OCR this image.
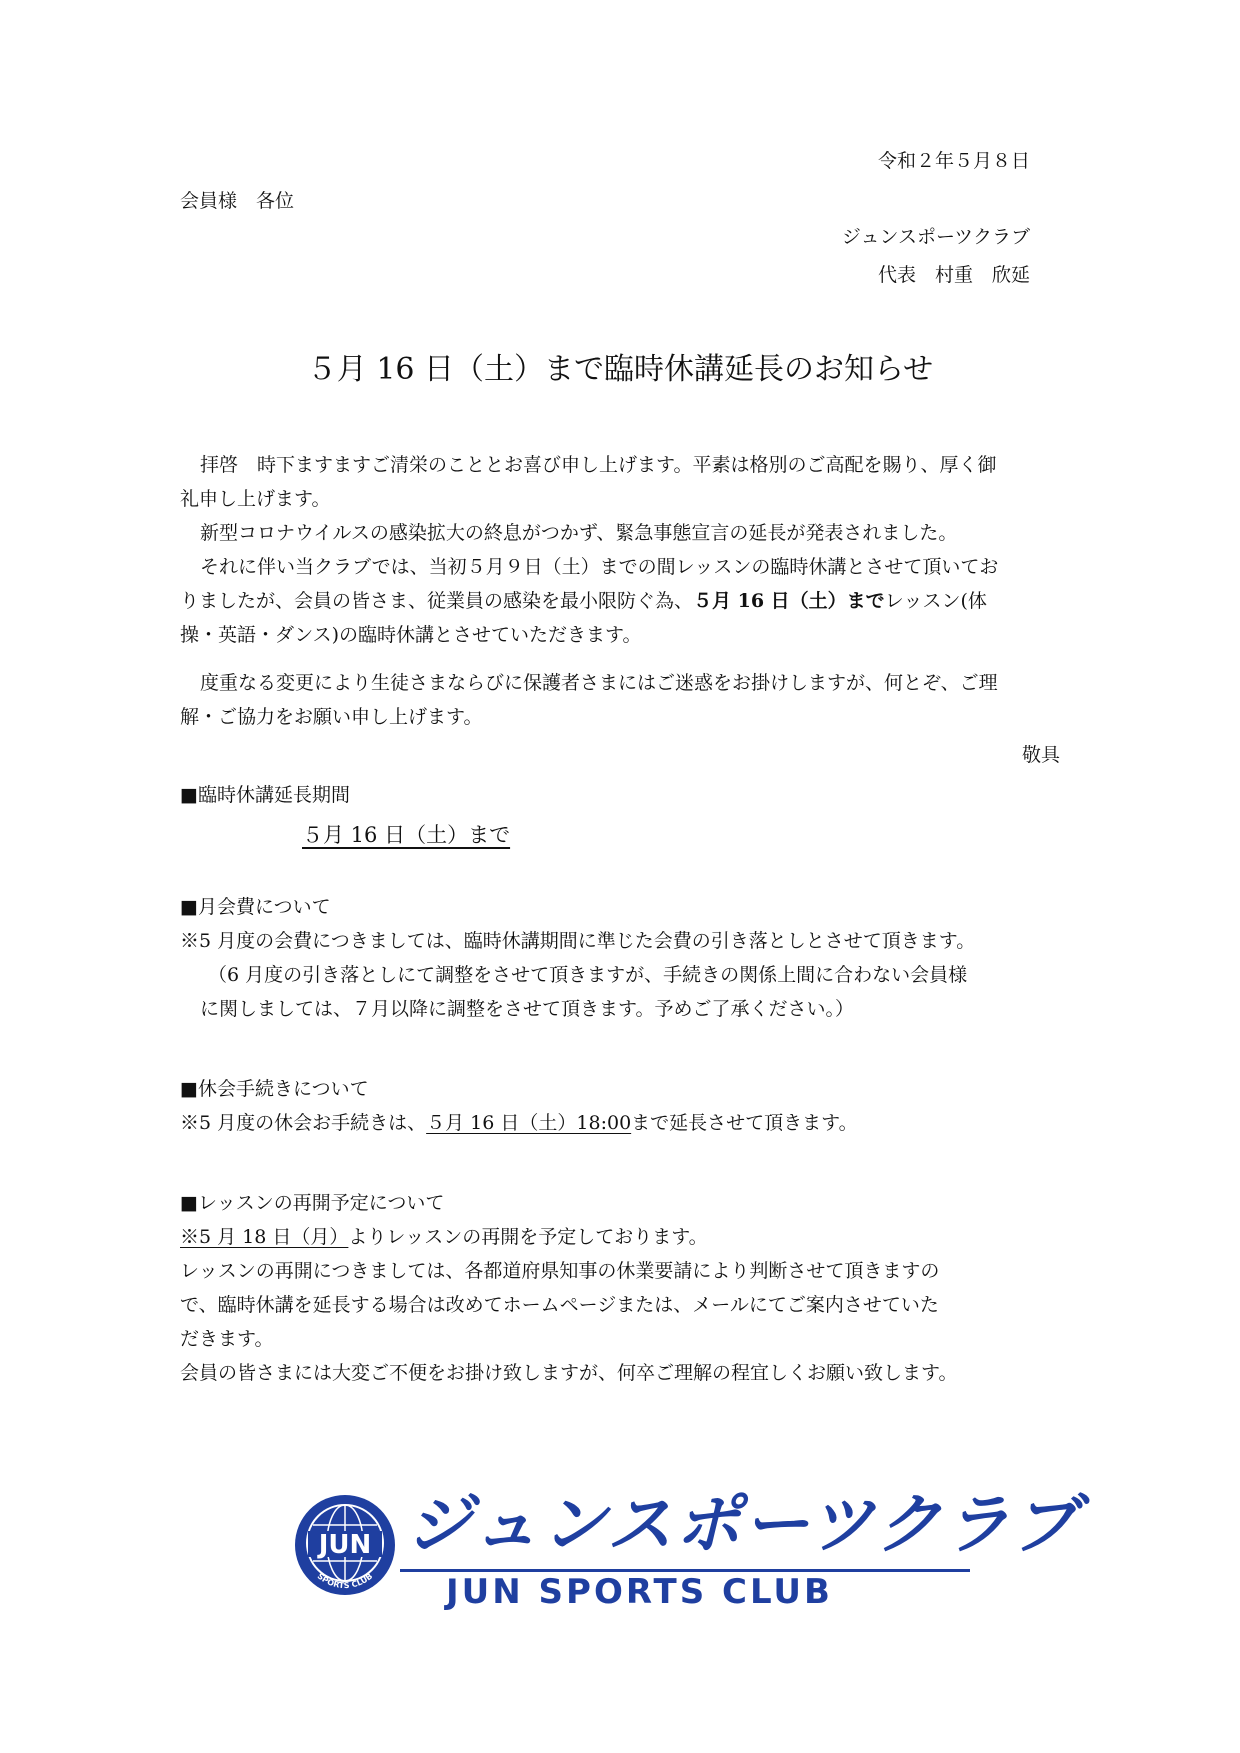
令和２年５月８日
会員様　各位
ジュンスポーツクラブ
代表　村重　欣延
５月 16 日（土）まで臨時休講延長のお知らせ
拝啓　時下ますますご清栄のこととお喜び申し上げます。平素は格別のご高配を賜り、厚く御
礼申し上げます。
新型コロナウイルスの感染拡大の終息がつかず、緊急事態宣言の延長が発表されました。
それに伴い当クラブでは、当初５月９日（土）までの間レッスンの臨時休講とさせて頂いてお
りましたが、会員の皆さま、従業員の感染を最小限防ぐ為、５月 16 日（土）までレッスン(体
操・英語・ダンス)の臨時休講とさせていただきます。
度重なる変更により生徒さまならびに保護者さまにはご迷惑をお掛けしますが、何とぞ、ご理
解・ご協力をお願い申し上げます。
敬具
■臨時休講延長期間
５月 16 日（土）まで
■月会費について
※5 月度の会費につきましては、臨時休講期間に準じた会費の引き落としとさせて頂きます。
（6 月度の引き落としにて調整をさせて頂きますが、手続きの関係上間に合わない会員様
に関しましては、７月以降に調整をさせて頂きます。予めご了承ください。）
■休会手続きについて
※5 月度の休会お手続きは、５月 16 日（土）18:00まで延長させて頂きます。
■レッスンの再開予定について
※5 月 18 日（月）よりレッスンの再開を予定しております。
レッスンの再開につきましては、各都道府県知事の休業要請により判断させて頂きますの
で、臨時休講を延長する場合は改めてホームページまたは、メールにてご案内させていた
だきます。
会員の皆さまには大変ご不便をお掛け致しますが、何卒ご理解の程宜しくお願い致します。
JUN
SPORTS CLUB
ジュンスポーツクラブ
JUN SPORTS CLUB
